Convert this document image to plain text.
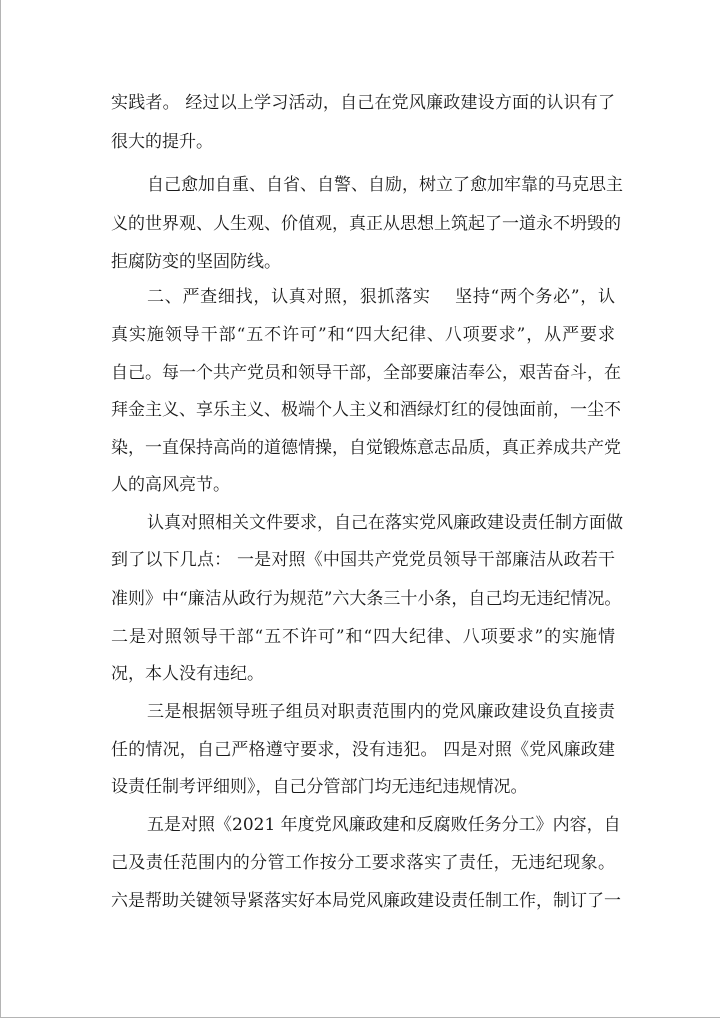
实践者。 经过以上学习活动，自己在党风廉政建设方面的认识有了
很大的提升。
自己愈加自重、自省、自警、自励，树立了愈加牢靠的马克思主
义的世界观、人生观、价值观，真正从思想上筑起了一道永不坍毁的
拒腐防变的坚固防线。
二、严查细找，认真对照，狠抓落实    坚持“两个务必”，认
真实施领导干部“五不许可”和“四大纪律、八项要求”，从严要求
自己。每一个共产党员和领导干部，全部要廉洁奉公，艰苦奋斗，在
拜金主义、享乐主义、极端个人主义和酒绿灯红的侵蚀面前，一尘不
染，一直保持高尚的道德情操，自觉锻炼意志品质，真正养成共产党
人的高风亮节。
认真对照相关文件要求，自己在落实党风廉政建设责任制方面做
到了以下几点： 一是对照《中国共产党党员领导干部廉洁从政若干
准则》中“廉洁从政行为规范”六大条三十小条，自己均无违纪情况。
二是对照领导干部“五不许可”和“四大纪律、八项要求”的实施情
况，本人没有违纪。
三是根据领导班子组员对职责范围内的党风廉政建设负直接责
任的情况，自己严格遵守要求，没有违犯。 四是对照《党风廉政建
设责任制考评细则》，自己分管部门均无违纪违规情况。
五是对照《2021 年度党风廉政建和反腐败任务分工》内容，自
己及责任范围内的分管工作按分工要求落实了责任，无违纪现象。
六是帮助关键领导紧落实好本局党风廉政建设责任制工作，制订了一
